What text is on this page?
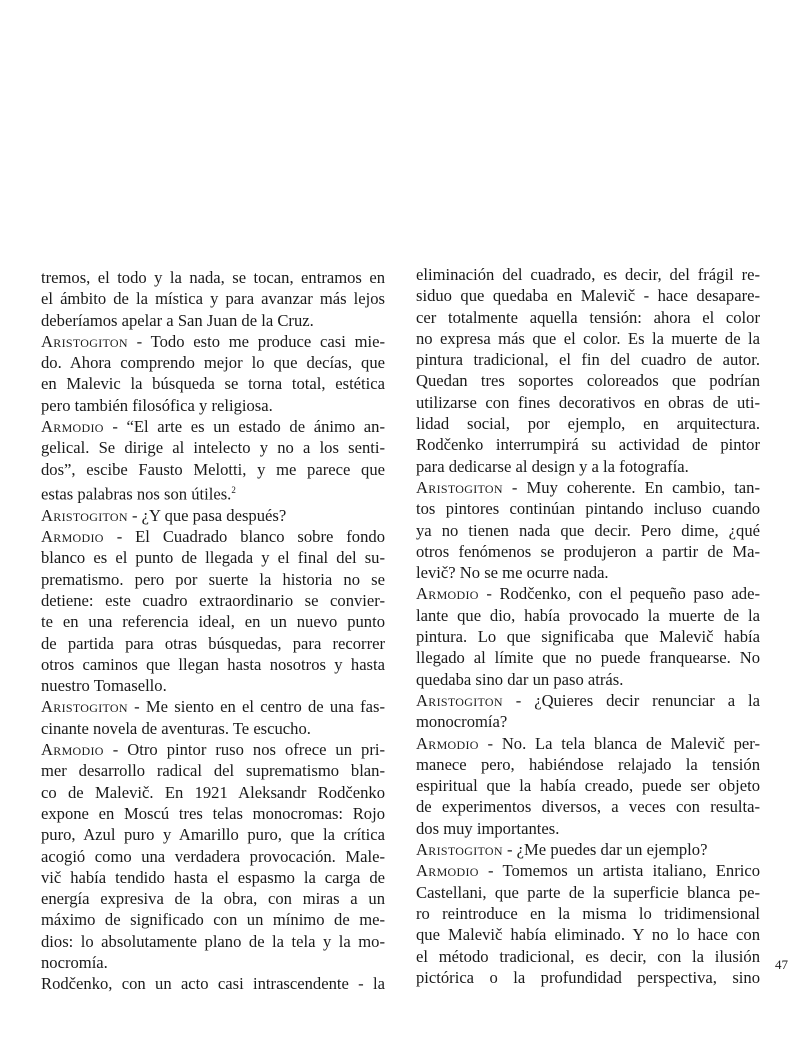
tremos, el todo y la nada, se tocan, entramos en
el ámbito de la mística y para avanzar más lejos
deberíamos apelar a San Juan de la Cruz.
Aristogiton - Todo esto me produce casi mie-
do. Ahora comprendo mejor lo que decías, que
en Malevic la búsqueda se torna total, estética
pero también filosófica y religiosa.
Armodio - “El arte es un estado de ánimo an-
gelical. Se dirige al intelecto y no a los senti-
dos”, escibe Fausto Melotti, y me parece que
estas palabras nos son útiles.$^2$
Aristogiton - ¿Y que pasa después?
Armodio - El Cuadrado blanco sobre fondo
blanco es el punto de llegada y el final del su-
prematismo. pero por suerte la historia no se
detiene: este cuadro extraordinario se convier-
te en una referencia ideal, en un nuevo punto
de partida para otras búsquedas, para recorrer
otros caminos que llegan hasta nosotros y hasta
nuestro Tomasello.
Aristogiton - Me siento en el centro de una fas-
cinante novela de aventuras. Te escucho.
Armodio - Otro pintor ruso nos ofrece un pri-
mer desarrollo radical del suprematismo blan-
co de Malevič. En 1921 Aleksandr Rodčenko
expone en Moscú tres telas monocromas: Rojo
puro, Azul puro y Amarillo puro, que la crítica
acogió como una verdadera provocación. Male-
vič había tendido hasta el espasmo la carga de
energía expresiva de la obra, con miras a un
máximo de significado con un mínimo de me-
dios: lo absolutamente plano de la tela y la mo-
nocromía.
Rodčenko, con un acto casi intrascendente - la
eliminación del cuadrado, es decir, del frágil re-
siduo que quedaba en Malevič - hace desapare-
cer totalmente aquella tensión: ahora el color
no expresa más que el color. Es la muerte de la
pintura tradicional, el fin del cuadro de autor.
Quedan tres soportes coloreados que podrían
utilizarse con fines decorativos en obras de uti-
lidad social, por ejemplo, en arquitectura.
Rodčenko interrumpirá su actividad de pintor
para dedicarse al design y a la fotografía.
Aristogiton - Muy coherente. En cambio, tan-
tos pintores continúan pintando incluso cuando
ya no tienen nada que decir. Pero dime, ¿qué
otros fenómenos se produjeron a partir de Ma-
levič? No se me ocurre nada.
Armodio - Rodčenko, con el pequeño paso ade-
lante que dio, había provocado la muerte de la
pintura. Lo que significaba que Malevič había
llegado al límite que no puede franquearse. No
quedaba sino dar un paso atrás.
Aristogiton - ¿Quieres decir renunciar a la
monocromía?
Armodio - No. La tela blanca de Malevič per-
manece pero, habiéndose relajado la tensión
espiritual que la había creado, puede ser objeto
de experimentos diversos, a veces con resulta-
dos muy importantes.
Aristogiton - ¿Me puedes dar un ejemplo?
Armodio - Tomemos un artista italiano, Enrico
Castellani, que parte de la superficie blanca pe-
ro reintroduce en la misma lo tridimensional
que Malevič había eliminado. Y no lo hace con
el método tradicional, es decir, con la ilusión
pictórica o la profundidad perspectiva, sino
47
